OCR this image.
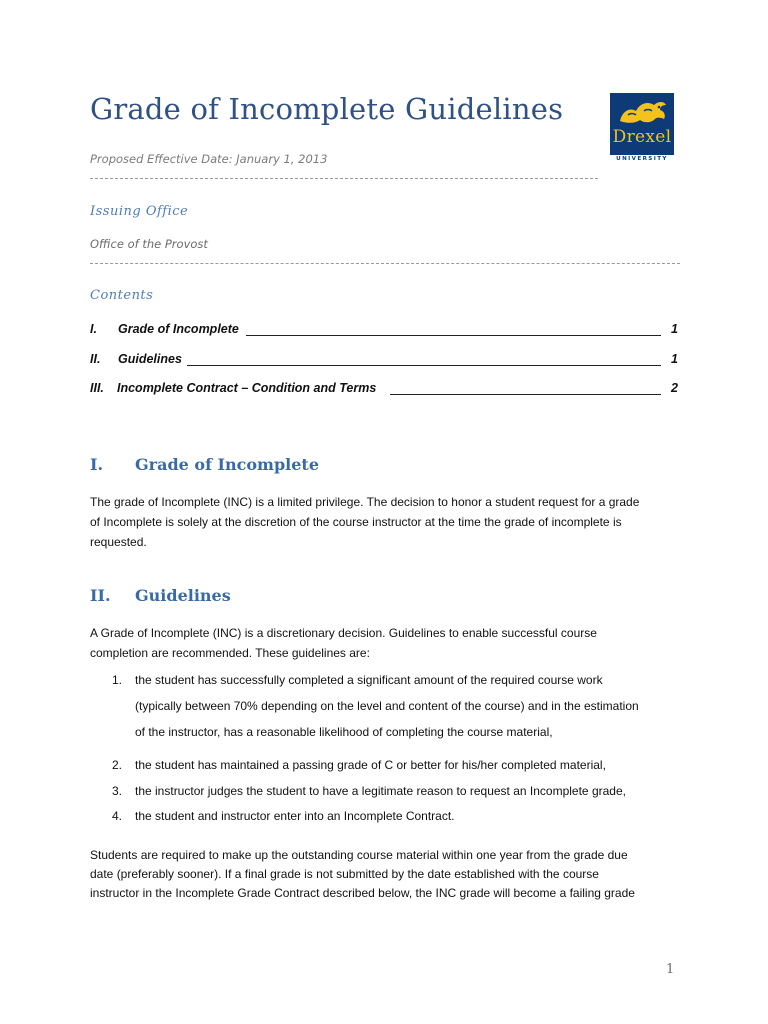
Grade of Incomplete Guidelines
Drexel
UNIVERSITY
Proposed Effective Date: January 1, 2013
Issuing Office
Office of the Provost
Contents
I. Grade of Incomplete	1
II. Guidelines	1
III. Incomplete Contract – Condition and Terms	2
I. Grade of Incomplete
The grade of Incomplete (INC) is a limited privilege. The decision to honor a student request for a grade
of Incomplete is solely at the discretion of the course instructor at the time the grade of incomplete is
requested.
II. Guidelines
A Grade of Incomplete (INC) is a discretionary decision. Guidelines to enable successful course
completion are recommended. These guidelines are:
1. the student has successfully completed a significant amount of the required course work
(typically between 70% depending on the level and content of the course) and in the estimation
of the instructor, has a reasonable likelihood of completing the course material,
2. the student has maintained a passing grade of C or better for his/her completed material,
3. the instructor judges the student to have a legitimate reason to request an Incomplete grade,
4. the student and instructor enter into an Incomplete Contract.
Students are required to make up the outstanding course material within one year from the grade due
date (preferably sooner). If a final grade is not submitted by the date established with the course
instructor in the Incomplete Grade Contract described below, the INC grade will become a failing grade
1
